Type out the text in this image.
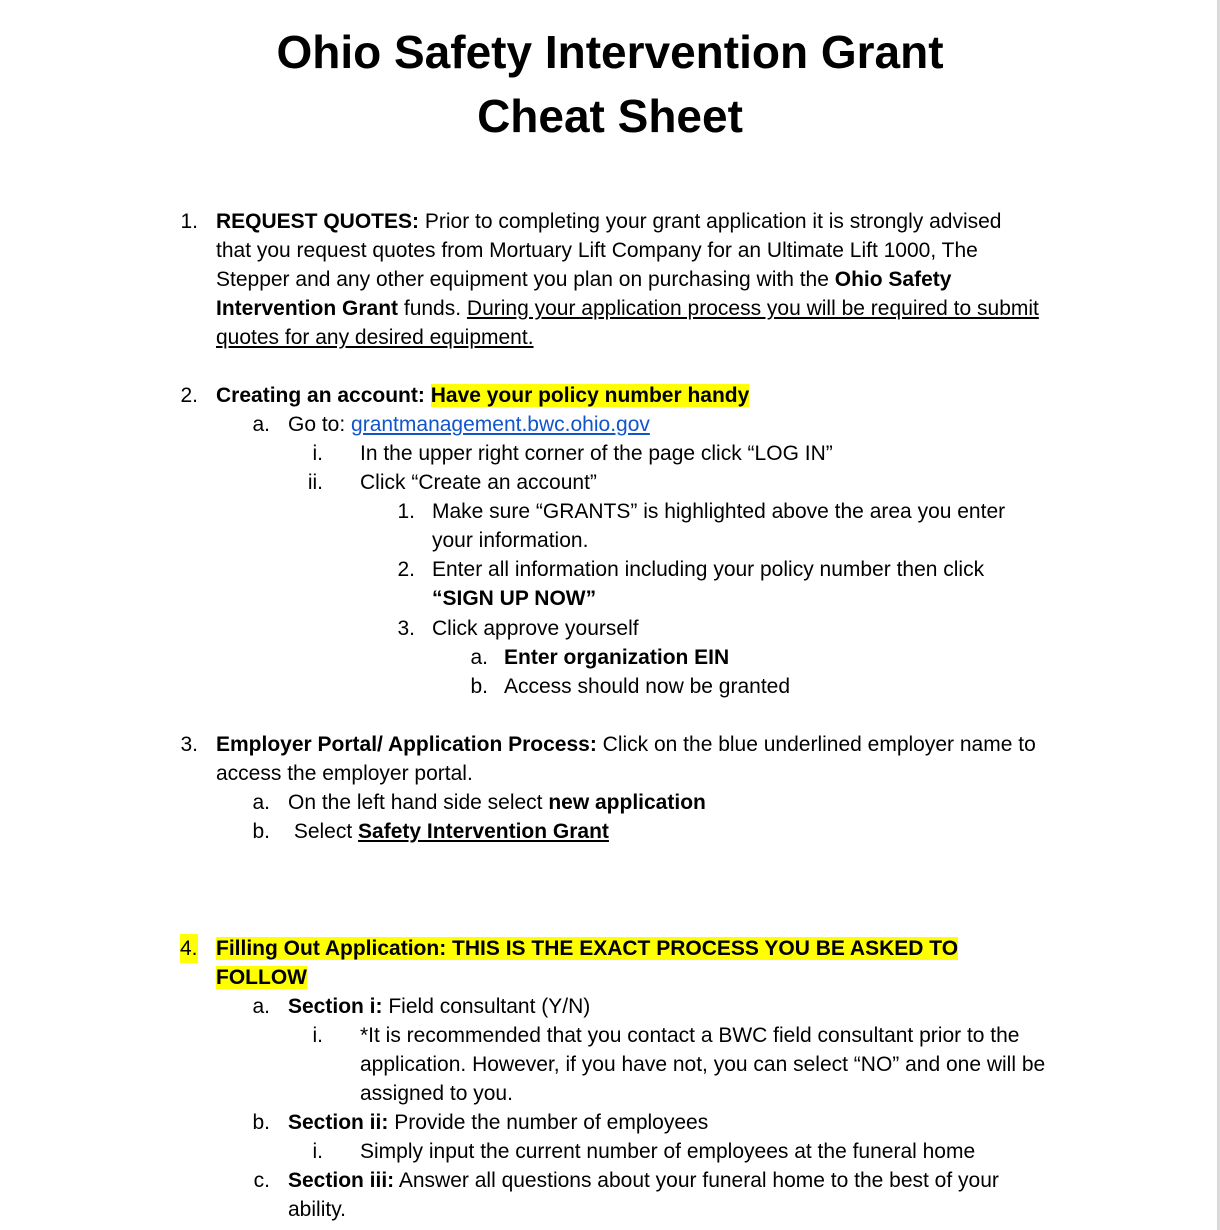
Ohio Safety Intervention Grant
Cheat Sheet
1. REQUEST QUOTES: Prior to completing your grant application it is strongly advised
that you request quotes from Mortuary Lift Company for an Ultimate Lift 1000, The
Stepper and any other equipment you plan on purchasing with the Ohio Safety
Intervention Grant funds. During your application process you will be required to submit
quotes for any desired equipment.
2. Creating an account: Have your policy number handy
a. Go to: grantmanagement.bwc.ohio.gov
i. In the upper right corner of the page click “LOG IN”
ii. Click “Create an account”
1. Make sure “GRANTS” is highlighted above the area you enter
your information.
2. Enter all information including your policy number then click
“SIGN UP NOW”
3. Click approve yourself
a. Enter organization EIN
b. Access should now be granted
3. Employer Portal/ Application Process: Click on the blue underlined employer name to
access the employer portal.
a. On the left hand side select new application
b. Select Safety Intervention Grant
4. Filling Out Application: THIS IS THE EXACT PROCESS YOU BE ASKED TO
FOLLOW
a. Section i: Field consultant (Y/N)
i. *It is recommended that you contact a BWC field consultant prior to the
application. However, if you have not, you can select “NO” and one will be
assigned to you.
b. Section ii: Provide the number of employees
i. Simply input the current number of employees at the funeral home
c. Section iii: Answer all questions about your funeral home to the best of your
ability.
